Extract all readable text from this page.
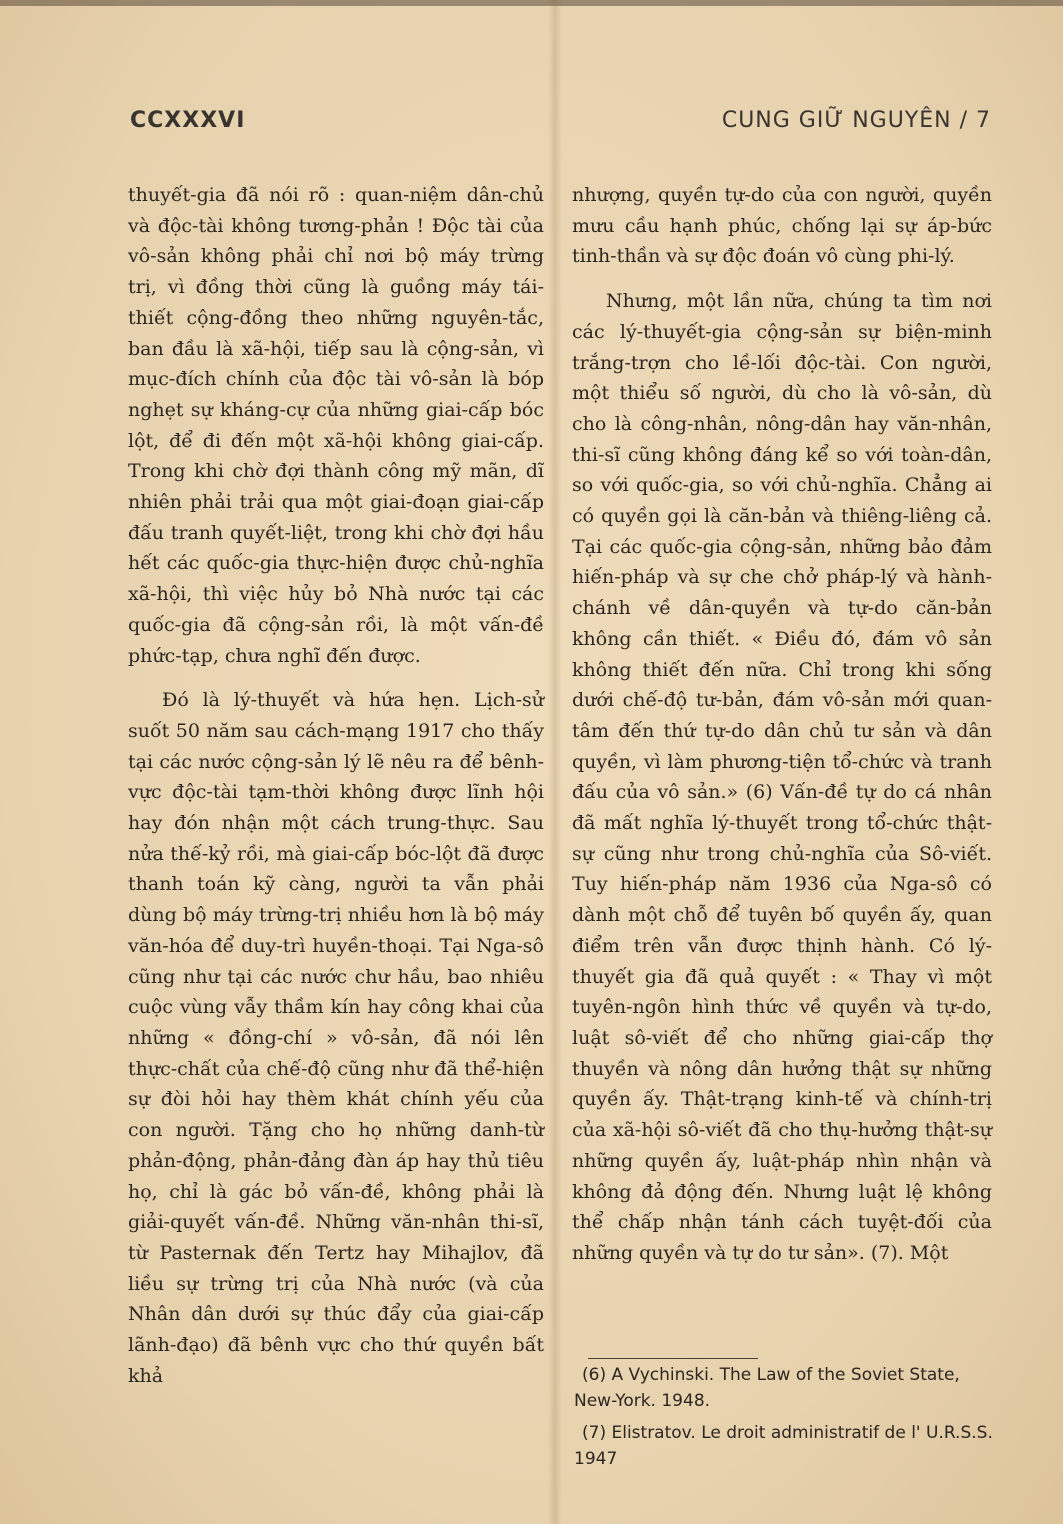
CCXXXVI	CUNG GIỮ NGUYÊN / 7

thuyết-gia đã nói rõ : quan-niệm dân-chủ và độc-tài không tương-phản ! Độc tài của vô-sản không phải chỉ nơi bộ máy trừng trị, vì đồng thời cũng là guồng máy tái-thiết cộng-đồng theo những nguyên-tắc, ban đầu là xã-hội, tiếp sau là cộng-sản, vì mục-đích chính của độc tài vô-sản là bóp nghẹt sự kháng-cự của những giai-cấp bóc lột, để đi đến một xã-hội không giai-cấp. Trong khi chờ đợi thành công mỹ mãn, dĩ nhiên phải trải qua một giai-đoạn giai-cấp đấu tranh quyết-liệt, trong khi chờ đợi hầu hết các quốc-gia thực-hiện được chủ-nghĩa xã-hội, thì việc hủy bỏ Nhà nước tại các quốc-gia đã cộng-sản rồi, là một vấn-đề phức-tạp, chưa nghĩ đến được.

Đó là lý-thuyết và hứa hẹn. Lịch-sử suốt 50 năm sau cách-mạng 1917 cho thấy tại các nước cộng-sản lý lẽ nêu ra để bênh-vực độc-tài tạm-thời không được lĩnh hội hay đón nhận một cách trung-thực. Sau nửa thế-kỷ rồi, mà giai-cấp bóc-lột đã được thanh toán kỹ càng, người ta vẫn phải dùng bộ máy trừng-trị nhiều hơn là bộ máy văn-hóa để duy-trì huyền-thoại. Tại Nga-sô cũng như tại các nước chư hầu, bao nhiêu cuộc vùng vẫy thầm kín hay công khai của những « đồng-chí » vô-sản, đã nói lên thực-chất của chế-độ cũng như đã thể-hiện sự đòi hỏi hay thèm khát chính yếu của con người. Tặng cho họ những danh-từ phản-động, phản-đảng đàn áp hay thủ tiêu họ, chỉ là gác bỏ vấn-đề, không phải là giải-quyết vấn-đề. Những văn-nhân thi-sĩ, từ Pasternak đến Tertz hay Mihajlov, đã liều sự trừng trị của Nhà nước (và của Nhân dân dưới sự thúc đẩy của giai-cấp lãnh-đạo) đã bênh vực cho thứ quyền bất khả

nhượng, quyền tự-do của con người, quyền mưu cầu hạnh phúc, chống lại sự áp-bức tinh-thần và sự độc đoán vô cùng phi-lý.

Nhưng, một lần nữa, chúng ta tìm nơi các lý-thuyết-gia cộng-sản sự biện-minh trắng-trợn cho lề-lối độc-tài. Con người, một thiểu số người, dù cho là vô-sản, dù cho là công-nhân, nông-dân hay văn-nhân, thi-sĩ cũng không đáng kể so với toàn-dân, so với quốc-gia, so với chủ-nghĩa. Chẳng ai có quyền gọi là căn-bản và thiêng-liêng cả. Tại các quốc-gia cộng-sản, những bảo đảm hiến-pháp và sự che chở pháp-lý và hành-chánh về dân-quyền và tự-do căn-bản không cần thiết. « Điều đó, đám vô sản không thiết đến nữa. Chỉ trong khi sống dưới chế-độ tư-bản, đám vô-sản mới quan-tâm đến thứ tự-do dân chủ tư sản và dân quyền, vì làm phương-tiện tổ-chức và tranh đấu của vô sản.» (6) Vấn-đề tự do cá nhân đã mất nghĩa lý-thuyết trong tổ-chức thật-sự cũng như trong chủ-nghĩa của Sô-viết. Tuy hiến-pháp năm 1936 của Nga-sô có dành một chỗ để tuyên bố quyền ấy, quan điểm trên vẫn được thịnh hành. Có lý-thuyết gia đã quả quyết : « Thay vì một tuyên-ngôn hình thức về quyền và tự-do, luật sô-viết để cho những giai-cấp thợ thuyền và nông dân hưởng thật sự những quyền ấy. Thật-trạng kinh-tế và chính-trị của xã-hội sô-viết đã cho thụ-hưởng thật-sự những quyền ấy, luật-pháp nhìn nhận và không đả động đến. Nhưng luật lệ không thể chấp nhận tánh cách tuyệt-đối của những quyền và tự do tư sản». (7). Một

(6) A Vychinski. The Law of the Soviet State, New-York. 1948.

(7) Elistratov. Le droit administratif de l' U.R.S.S. 1947
